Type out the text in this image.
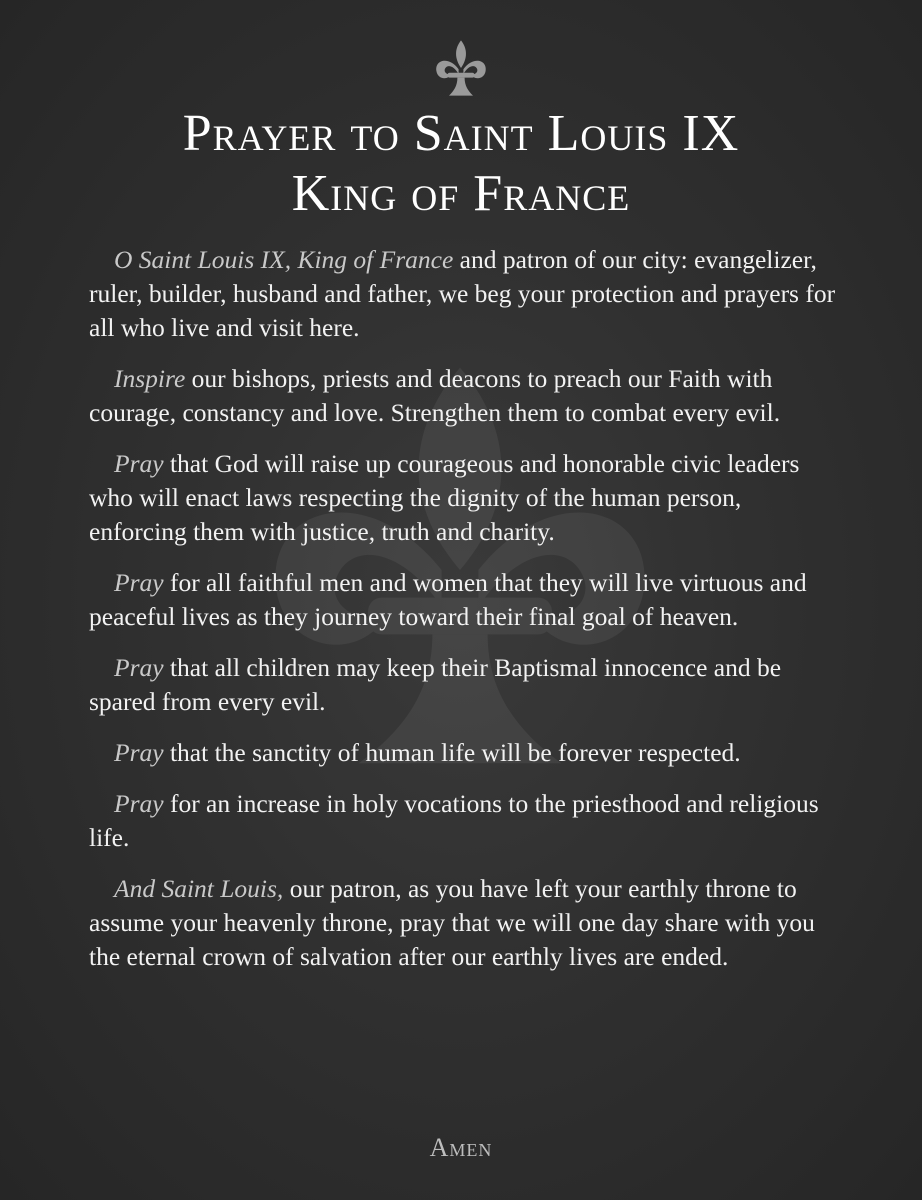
Prayer to Saint Louis IX
King of France

O Saint Louis IX, King of France and patron of our city: evangelizer, ruler, builder, husband and father, we beg your protection and prayers for all who live and visit here.

Inspire our bishops, priests and deacons to preach our Faith with courage, constancy and love. Strengthen them to combat every evil.

Pray that God will raise up courageous and honorable civic leaders who will enact laws respecting the dignity of the human person, enforcing them with justice, truth and charity.

Pray for all faithful men and women that they will live virtuous and peaceful lives as they journey toward their final goal of heaven.

Pray that all children may keep their Baptismal innocence and be spared from every evil.

Pray that the sanctity of human life will be forever respected.

Pray for an increase in holy vocations to the priesthood and religious life.

And Saint Louis, our patron, as you have left your earthly throne to assume your heavenly throne, pray that we will one day share with you the eternal crown of salvation after our earthly lives are ended.

Amen
